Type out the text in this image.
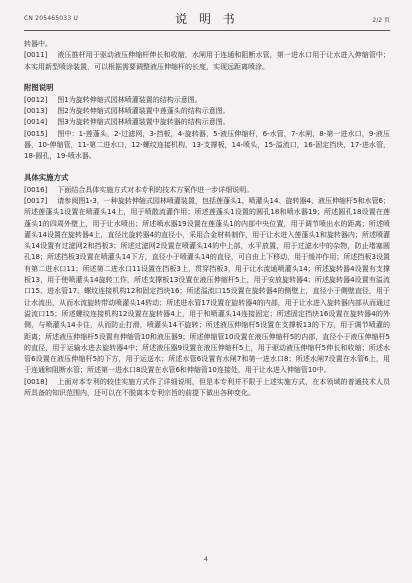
CN 205465033 U	说 明 书	2/2 页

转器中。

[0011] 液压推杆用于驱动液压伸缩杆伸长和收缩，水闸用于连通和阻断水管，第一进水口用于让水进入伸缩管中；本实用新型喷涂装置，可以根据需要调整液压伸缩杆的长度，实现远距离喷涂。

附图说明

[0012] 图1为旋转伸缩式园林喷灌装置的结构示意图。

[0013] 图2为旋转伸缩式园林喷灌装置中莲蓬头的结构示意图。

[0014] 图3为旋转伸缩式园林喷灌装置中旋转器的结构示意图。

[0015] 图中：1-莲蓬头，2-过滤网，3-挡板，4-旋转器，5-液压伸缩杆，6-水管，7-水闸，8-第一进水口，9-液压器，10-伸缩管，11-第二进水口，12-螺纹连接机构，13-支撑板，14-喷头，15-溢流口，16-固定挡块，17-进水管，18-圆孔，19-喷水器。

具体实施方式

[0016] 下面结合具体实施方式对本专利的技术方案作进一步详细说明。

[0017] 请参阅图1-3，一种旋转伸缩式园林喷灌装置，包括莲蓬头1、喷灌头14、旋转器4、液压伸缩杆5和水管6；所述莲蓬头1设置在喷灌头14上，用于喷散流灌作用；所述莲蓬头1设置的圆孔18和喷水器19；所述圆孔18设置在莲蓬头1的四周外壁上，用于让水喷出；所述喷水器19设置在莲蓬头1的内部中央位置，用于调节喷出水的距离；所述喷灌头14设置在旋转器4上，直径比旋转器4的直径小，采用合金材料制作，用于让水进入莲蓬头1和旋转器内；所述喷灌头14设置有过滤网2和挡板3；所述过滤网2设置在喷灌头14的中上部，水平放置，用于过滤水中的杂物，防止堵塞圆孔18；所述挡板3设置在喷灌头14下方，直径小于喷灌头14的直径，可自由上下移动，用于缓冲作用；所述挡板3设置有第二进水口11；所述第二进水口11设置在挡板3上，贯穿挡板3，用于让水流通喷灌头14；所述旋转器4设置有支撑板13，用于使喷灌头14旋转工作，所述支撑板13设置在液压伸缩杆5上，用于安放旋转器4；所述旋转器4设置有溢流口15、进水管17、螺纹连接机构12和固定挡块16；所述溢流口15设置在旋转器4的侧壁上，直径小于侧壁直径，用于让水流出，从而水流旋转带动喷灌头14转动；所述进水管17设置在旋转器4的内部，用于让水进入旋转器内部从而通过溢流口15；所述螺纹连接机构12设置在旋转器4上，用于和喷灌头14连接固定；所述固定挡块16设置在旋转器4的外侧，与喷灌头14卡住，从而防止打滑，喷灌头14不旋转；所述液压伸缩杆5设置在支撑板13的下方，用于调节喷灌的距离；所述液压伸缩杆5设置有伸缩管10和液压器9；所述伸缩管10设置在液压伸缩杆5的内部，直径小于液压伸缩杆5的直径，用于运输水进去旋转器4中；所述液压器9设置在液压伸缩杆5上，用于驱动液压伸缩杆5伸长和收缩；所述水管6设置在液压伸缩杆5的下方，用于运送水；所述水管6设置有水闸7和第一进水口8；所述水闸7设置在水管6上，用于连通和阻断水管；所述第一进水口8设置在水管6和伸缩管10连接处，用于让水进入伸缩管10中。

[0018] 上面对本专利的较佳实施方式作了详细说明，但是本专利并不限于上述实施方式，在本领域的普通技术人员所具备的知识范围内，还可以在不脱离本专利宗旨的前提下做出各种变化。

4
